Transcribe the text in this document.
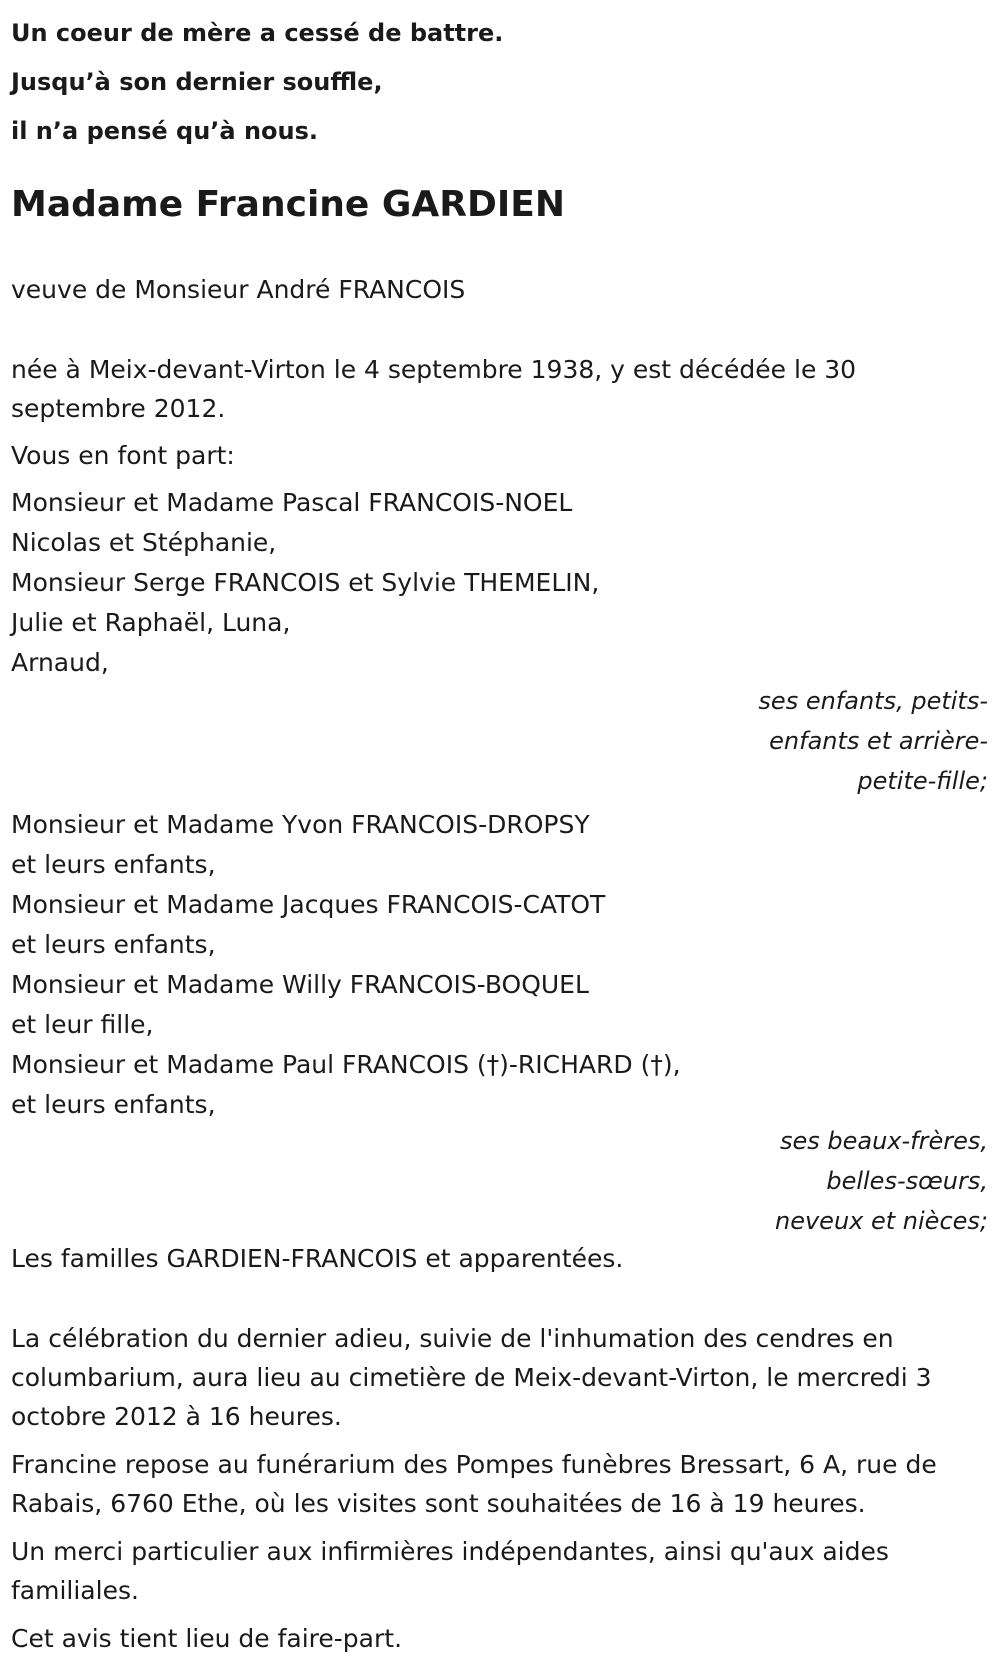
Un coeur de mère a cessé de battre.
Jusqu’à son dernier souffle,
il n’a pensé qu’à nous.
Madame Francine GARDIEN

veuve de Monsieur André FRANCOIS

née à Meix-devant-Virton le 4 septembre 1938, y est décédée le 30 septembre 2012.

Vous en font part:

Monsieur et Madame Pascal FRANCOIS-NOEL
Nicolas et Stéphanie,
Monsieur Serge FRANCOIS et Sylvie THEMELIN,
Julie et Raphaël, Luna,
Arnaud,
ses enfants, petits-
enfants et arrière-
petite-fille;
Monsieur et Madame Yvon FRANCOIS-DROPSY
et leurs enfants,
Monsieur et Madame Jacques FRANCOIS-CATOT
et leurs enfants,
Monsieur et Madame Willy FRANCOIS-BOQUEL
et leur fille,
Monsieur et Madame Paul FRANCOIS (†)-RICHARD (†),
et leurs enfants,
ses beaux-frères,
belles-sœurs,
neveux et nièces;

Les familles GARDIEN-FRANCOIS et apparentées.

La célébration du dernier adieu, suivie de l'inhumation des cendres en columbarium, aura lieu au cimetière de Meix-devant-Virton, le mercredi 3 octobre 2012 à 16 heures.

Francine repose au funérarium des Pompes funèbres Bressart, 6 A, rue de Rabais, 6760 Ethe, où les visites sont souhaitées de 16 à 19 heures.

Un merci particulier aux infirmières indépendantes, ainsi qu'aux aides familiales.

Cet avis tient lieu de faire-part.
